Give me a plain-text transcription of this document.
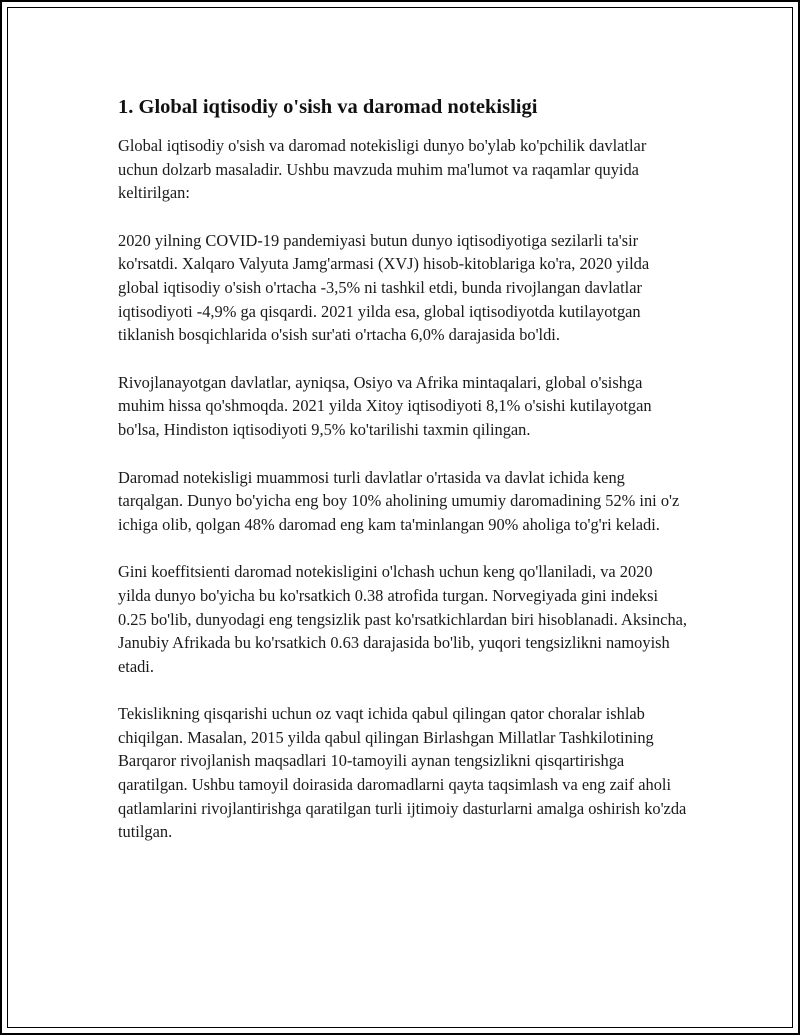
1. Global iqtisodiy o'sish va daromad notekisligi

Global iqtisodiy o'sish va daromad notekisligi dunyo bo'ylab ko'pchilik davlatlar uchun dolzarb masaladir. Ushbu mavzuda muhim ma'lumot va raqamlar quyida keltirilgan:

2020 yilning COVID-19 pandemiyasi butun dunyo iqtisodiyotiga sezilarli ta'sir ko'rsatdi. Xalqaro Valyuta Jamg'armasi (XVJ) hisob-kitoblariga ko'ra, 2020 yilda global iqtisodiy o'sish o'rtacha -3,5% ni tashkil etdi, bunda rivojlangan davlatlar iqtisodiyoti -4,9% ga qisqardi. 2021 yilda esa, global iqtisodiyotda kutilayotgan tiklanish bosqichlarida o'sish sur'ati o'rtacha 6,0% darajasida bo'ldi.

Rivojlanayotgan davlatlar, ayniqsa, Osiyo va Afrika mintaqalari, global o'sishga muhim hissa qo'shmoqda. 2021 yilda Xitoy iqtisodiyoti 8,1% o'sishi kutilayotgan bo'lsa, Hindiston iqtisodiyoti 9,5% ko'tarilishi taxmin qilingan.

Daromad notekisligi muammosi turli davlatlar o'rtasida va davlat ichida keng tarqalgan. Dunyo bo'yicha eng boy 10% aholining umumiy daromadining 52% ini o'z ichiga olib, qolgan 48% daromad eng kam ta'minlangan 90% aholiga to'g'ri keladi.

Gini koeffitsienti daromad notekisligini o'lchash uchun keng qo'llaniladi, va 2020 yilda dunyo bo'yicha bu ko'rsatkich 0.38 atrofida turgan. Norvegiyada gini indeksi 0.25 bo'lib, dunyodagi eng tengsizlik past ko'rsatkichlardan biri hisoblanadi. Aksincha, Janubiy Afrikada bu ko'rsatkich 0.63 darajasida bo'lib, yuqori tengsizlikni namoyish etadi.

Tekislikning qisqarishi uchun oz vaqt ichida qabul qilingan qator choralar ishlab chiqilgan. Masalan, 2015 yilda qabul qilingan Birlashgan Millatlar Tashkilotining Barqaror rivojlanish maqsadlari 10-tamoyili aynan tengsizlikni qisqartirishga qaratilgan. Ushbu tamoyil doirasida daromadlarni qayta taqsimlash va eng zaif aholi qatlamlarini rivojlantirishga qaratilgan turli ijtimoiy dasturlarni amalga oshirish ko'zda tutilgan.
